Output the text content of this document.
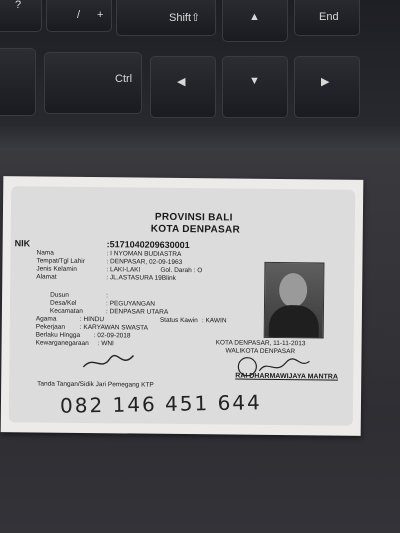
?
/ +	Shift⇧	▲	End
Ctrl	◀	▼	▶
PROVINSI BALI
KOTA DENPASAR
NIK	:5171040209630001
Nama	: I NYOMAN BUDIASTRA
Tempat/Tgl Lahir	: DENPASAR, 02-09-1963
Jenis Kelamin	: LAKI-LAKI	Gol. Darah : O
Alamat	: JL.ASTASURA 19Blink
Dusun	:
Desa/Kel	: PEGUYANGAN
Kecamatan	: DENPASAR UTARA
Agama	: HINDU	Status Kawin : KAWIN
Pekerjaan : KARYAWAN SWASTA
Berlaku Hingga : 02-09-2018
Kewarganegaraan : WNI	KOTA DENPASAR, 11-11-2013
WALIKOTA DENPASAR
RAI DHARMAWIJAYA MANTRA
Tanda Tangan/Sidik Jari Pemegang KTP
082 146 451 644
